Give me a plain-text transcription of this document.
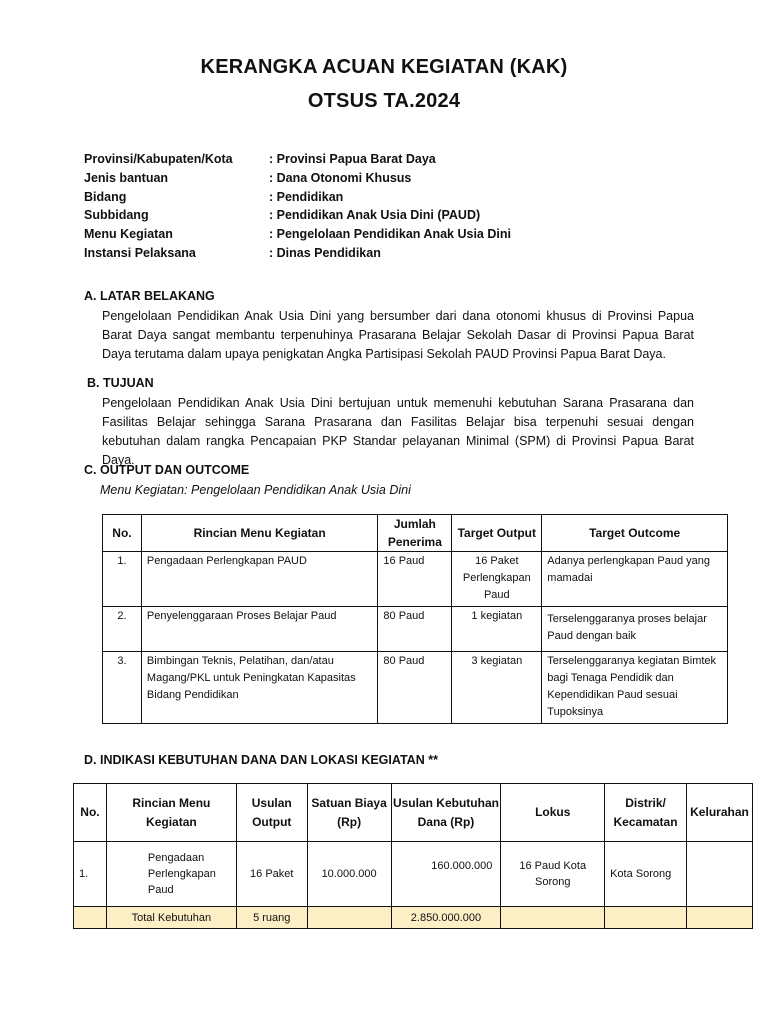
KERANGKA ACUAN KEGIATAN (KAK)
OTSUS TA.2024
Provinsi/Kabupaten/Kota	: Provinsi Papua Barat Daya
Jenis bantuan	: Dana Otonomi Khusus
Bidang	: Pendidikan
Subbidang	: Pendidikan Anak Usia Dini (PAUD)
Menu Kegiatan	: Pengelolaan Pendidikan Anak Usia Dini
Instansi Pelaksana	: Dinas Pendidikan
A. LATAR BELAKANG
Pengelolaan Pendidikan Anak Usia Dini yang bersumber dari dana otonomi khusus di Provinsi Papua Barat Daya sangat membantu terpenuhinya Prasarana Belajar Sekolah Dasar di Provinsi Papua Barat Daya terutama dalam upaya penigkatan Angka Partisipasi Sekolah PAUD Provinsi Papua Barat Daya.
B. TUJUAN
Pengelolaan Pendidikan Anak Usia Dini bertujuan untuk memenuhi kebutuhan Sarana Prasarana dan Fasilitas Belajar sehingga Sarana Prasarana dan Fasilitas Belajar bisa terpenuhi sesuai dengan kebutuhan dalam rangka Pencapaian PKP Standar pelayanan Minimal (SPM) di Provinsi Papua Barat Daya.
C. OUTPUT DAN OUTCOME
Menu Kegiatan: Pengelolaan Pendidikan Anak Usia Dini
No.	Rincian Menu Kegiatan	Jumlah Penerima	Target Output	Target Outcome
1.	Pengadaan Perlengkapan PAUD	16 Paud	16 Paket Perlengkapan Paud	Adanya perlengkapan Paud yang mamadai
2.	Penyelenggaraan Proses Belajar Paud	80 Paud	1 kegiatan	Terselenggaranya proses belajar Paud dengan baik
3.	Bimbingan Teknis, Pelatihan, dan/atau Magang/PKL untuk Peningkatan Kapasitas Bidang Pendidikan	80 Paud	3 kegiatan	Terselenggaranya kegiatan Bimtek bagi Tenaga Pendidik dan Kependidikan Paud sesuai Tupoksinya
D. INDIKASI KEBUTUHAN DANA DAN LOKASI KEGIATAN **
No.	Rincian Menu Kegiatan	Usulan Output	Satuan Biaya (Rp)	Usulan Kebutuhan Dana (Rp)	Lokus	Distrik/ Kecamatan	Kelurahan
1.	Pengadaan Perlengkapan Paud	16 Paket	10.000.000	160.000.000	16 Paud Kota Sorong	Kota Sorong	
	Total Kebutuhan	5 ruang		2.850.000.000			
